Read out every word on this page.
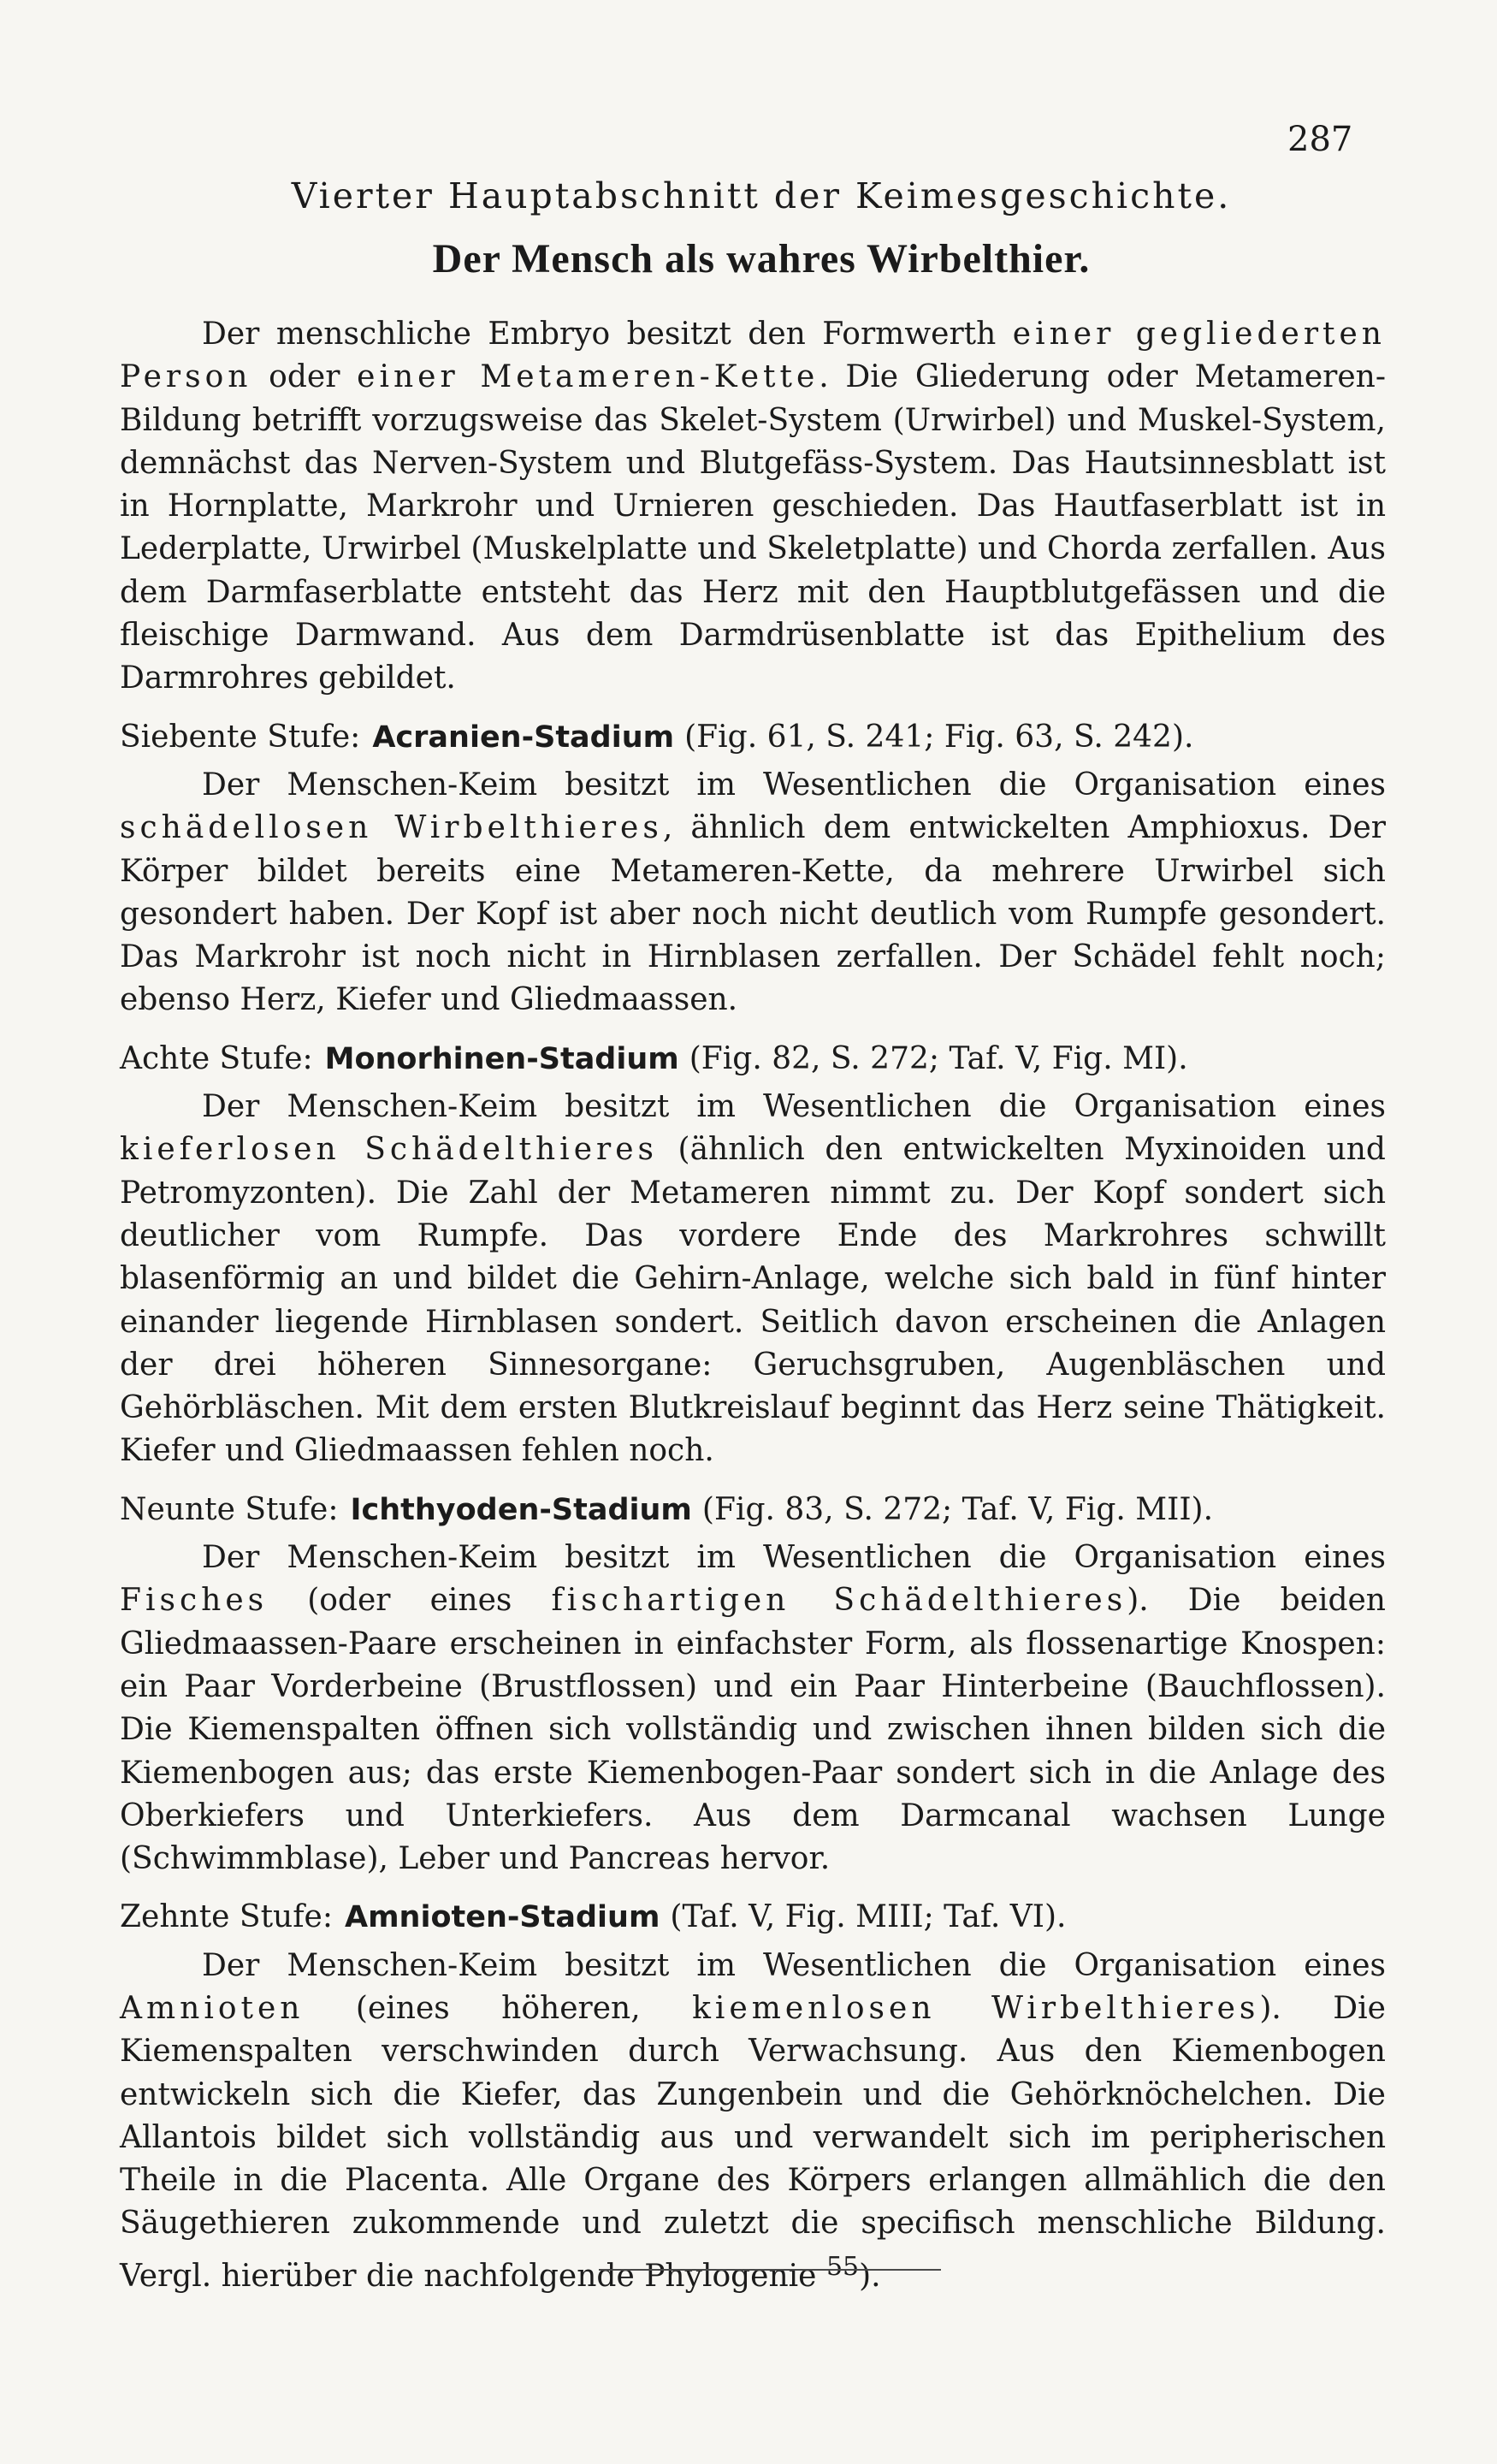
287
Vierter Hauptabschnitt der Keimesgeschichte.
Der Mensch als wahres Wirbelthier.

Der menschliche Embryo besitzt den Formwerth einer gegliederten Person oder einer Metameren-Kette. Die Gliederung oder Metameren-Bildung betrifft vorzugsweise das Skelet-System (Urwirbel) und Muskel-System, demnächst das Nerven-System und Blutgefäss-System. Das Hautsinnesblatt ist in Hornplatte, Markrohr und Urnieren geschieden. Das Hautfaserblatt ist in Lederplatte, Urwirbel (Muskelplatte und Skeletplatte) und Chorda zerfallen. Aus dem Darmfaserblatte entsteht das Herz mit den Hauptblutgefässen und die fleischige Darmwand. Aus dem Darmdrüsenblatte ist das Epithelium des Darmrohres gebildet.

Siebente Stufe: Acranien-Stadium (Fig. 61, S. 241; Fig. 63, S. 242).

Der Menschen-Keim besitzt im Wesentlichen die Organisation eines schädellosen Wirbelthieres, ähnlich dem entwickelten Amphioxus. Der Körper bildet bereits eine Metameren-Kette, da mehrere Urwirbel sich gesondert haben. Der Kopf ist aber noch nicht deutlich vom Rumpfe gesondert. Das Markrohr ist noch nicht in Hirnblasen zerfallen. Der Schädel fehlt noch; ebenso Herz, Kiefer und Gliedmaassen.

Achte Stufe: Monorhinen-Stadium (Fig. 82, S. 272; Taf. V, Fig. MI).

Der Menschen-Keim besitzt im Wesentlichen die Organisation eines kieferlosen Schädelthieres (ähnlich den entwickelten Myxinoiden und Petromyzonten). Die Zahl der Metameren nimmt zu. Der Kopf sondert sich deutlicher vom Rumpfe. Das vordere Ende des Markrohres schwillt blasenförmig an und bildet die Gehirn-Anlage, welche sich bald in fünf hinter einander liegende Hirnblasen sondert. Seitlich davon erscheinen die Anlagen der drei höheren Sinnesorgane: Geruchsgruben, Augenbläschen und Gehörbläschen. Mit dem ersten Blutkreislauf beginnt das Herz seine Thätigkeit. Kiefer und Gliedmaassen fehlen noch.

Neunte Stufe: Ichthyoden-Stadium (Fig. 83, S. 272; Taf. V, Fig. MII).

Der Menschen-Keim besitzt im Wesentlichen die Organisation eines Fisches (oder eines fischartigen Schädelthieres). Die beiden Gliedmaassen-Paare erscheinen in einfachster Form, als flossenartige Knospen: ein Paar Vorderbeine (Brustflossen) und ein Paar Hinterbeine (Bauchflossen). Die Kiemenspalten öffnen sich vollständig und zwischen ihnen bilden sich die Kiemenbogen aus; das erste Kiemenbogen-Paar sondert sich in die Anlage des Oberkiefers und Unterkiefers. Aus dem Darmcanal wachsen Lunge (Schwimmblase), Leber und Pancreas hervor.

Zehnte Stufe: Amnioten-Stadium (Taf. V, Fig. MIII; Taf. VI).

Der Menschen-Keim besitzt im Wesentlichen die Organisation eines Amnioten (eines höheren, kiemenlosen Wirbelthieres). Die Kiemenspalten verschwinden durch Verwachsung. Aus den Kiemenbogen entwickeln sich die Kiefer, das Zungenbein und die Gehörknöchelchen. Die Allantois bildet sich vollständig aus und verwandelt sich im peripherischen Theile in die Placenta. Alle Organe des Körpers erlangen allmählich die den Säugethieren zukommende und zuletzt die specifisch menschliche Bildung. Vergl. hierüber die nachfolgende Phylogenie $^{55}$).
